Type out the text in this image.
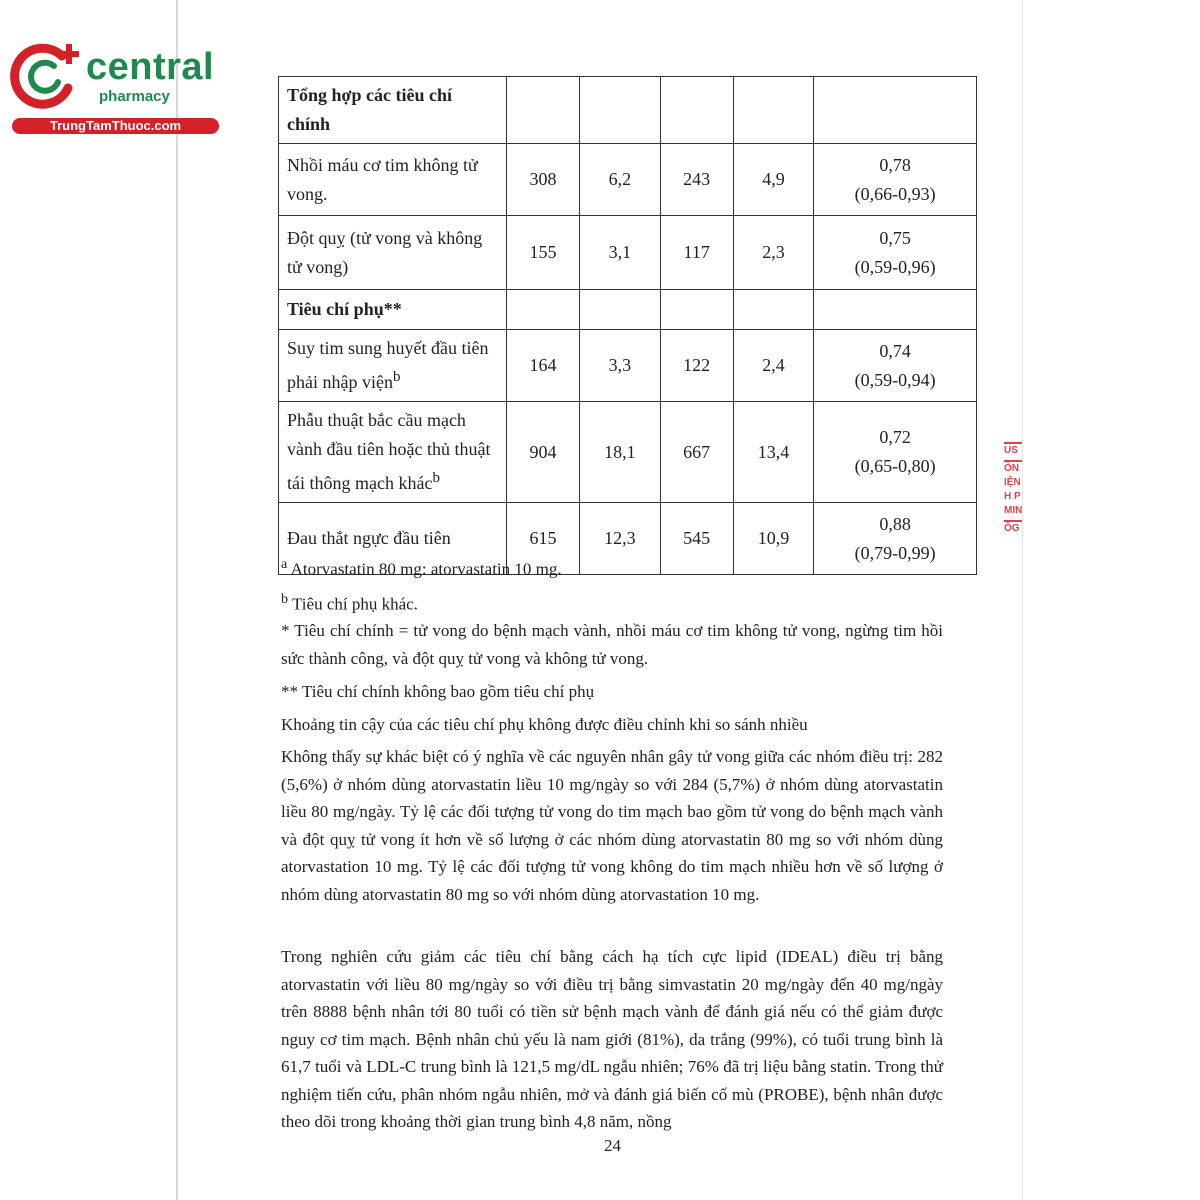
central
pharmacy
TrungTamThuoc.com
Tổng hợp các tiêu chí chính					
Nhồi máu cơ tim không tử vong.	308	6,2	243	4,9	0,78
(0,66-0,93)
Đột quỵ (tử vong và không tử vong)	155	3,1	117	2,3	0,75
(0,59-0,96)
Tiêu chí phụ**					
Suy tim sung huyết đầu tiên phải nhập viện$^b$	164	3,3	122	2,4	0,74
(0,59-0,94)
Phẫu thuật bắc cầu mạch vành đầu tiên hoặc thủ thuật tái thông mạch khác$^b$	904	18,1	667	13,4	0,72
(0,65-0,80)
Đau thắt ngực đầu tiên	615	12,3	545	10,9	0,88
(0,79-0,99)
$^a$ Atorvastatin 80 mg: atorvastatin 10 mg.
$^b$ Tiêu chí phụ khác.
* Tiêu chí chính = tử vong do bệnh mạch vành, nhồi máu cơ tim không tử vong, ngừng tim hồi sức thành công, và đột quỵ tử vong và không tử vong.
** Tiêu chí chính không bao gồm tiêu chí phụ
Khoảng tin cậy của các tiêu chí phụ không được điều chỉnh khi so sánh nhiều
Không thấy sự khác biệt có ý nghĩa về các nguyên nhân gây tử vong giữa các nhóm điều trị: 282 (5,6%) ở nhóm dùng atorvastatin liều 10 mg/ngày so với 284 (5,7%) ở nhóm dùng atorvastatin liều 80 mg/ngày. Tỷ lệ các đối tượng tử vong do tim mạch bao gồm tử vong do bệnh mạch vành và đột quỵ tử vong ít hơn về số lượng ở các nhóm dùng atorvastatin 80 mg so với nhóm dùng atorvastation 10 mg. Tỷ lệ các đối tượng tử vong không do tim mạch nhiều hơn về số lượng ở nhóm dùng atorvastatin 80 mg so với nhóm dùng atorvastation 10 mg.
Trong nghiên cứu giảm các tiêu chí bằng cách hạ tích cực lipid (IDEAL) điều trị bằng atorvastatin với liều 80 mg/ngày so với điều trị bằng simvastatin 20 mg/ngày đến 40 mg/ngày trên 8888 bệnh nhân tới 80 tuổi có tiền sử bệnh mạch vành để đánh giá nếu có thể giảm được nguy cơ tim mạch. Bệnh nhân chủ yếu là nam giới (81%), da trắng (99%), có tuổi trung bình là 61,7 tuổi và LDL-C trung bình là 121,5 mg/dL ngẫu nhiên; 76% đã trị liệu bằng statin. Trong thử nghiệm tiến cứu, phân nhóm ngẫu nhiên, mở và đánh giá biến cố mù (PROBE), bệnh nhân được theo dõi trong khoảng thời gian trung bình 4,8 năm, nồng
24
US
ÒN
IỆN
H P
MIN
ỐG
